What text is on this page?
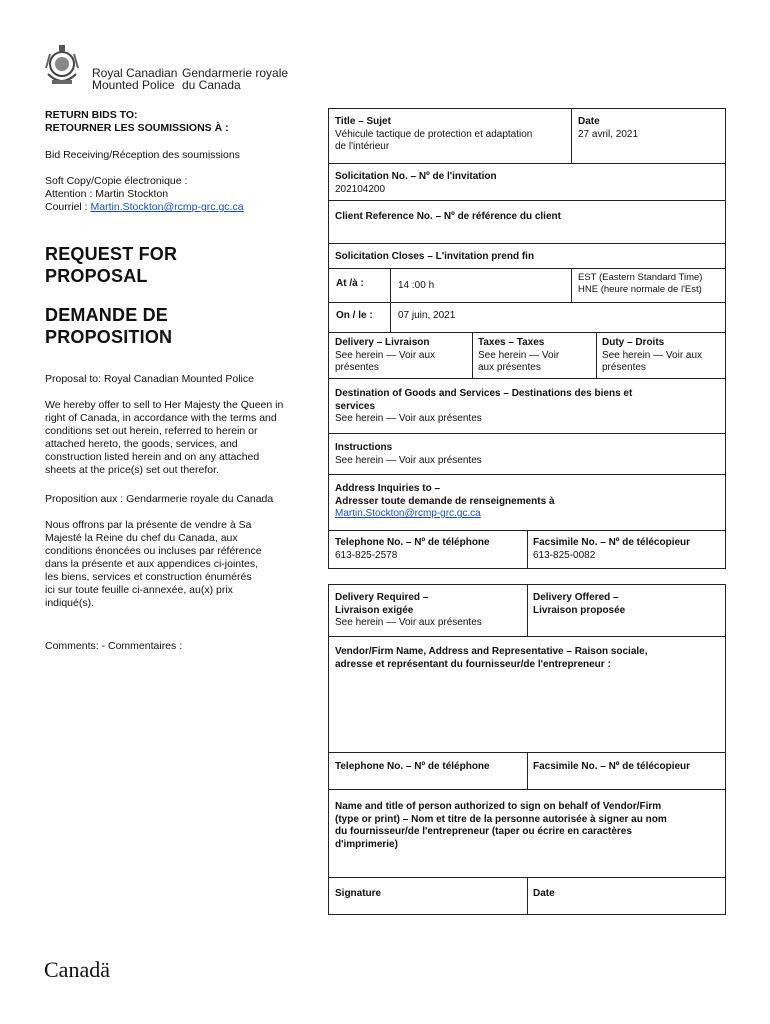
Royal Canadian
Mounted Police
Gendarmerie royale
du Canada
RETURN BIDS TO:
RETOURNER LES SOUMISSIONS À :
Bid Receiving/Réception des soumissions
Soft Copy/Copie électronique :
Attention : Martin Stockton
Courriel : Martin.Stockton@rcmp-grc.gc.ca
REQUEST FOR
PROPOSAL
DEMANDE DE
PROPOSITION
Proposal to: Royal Canadian Mounted Police
We hereby offer to sell to Her Majesty the Queen in
right of Canada, in accordance with the terms and
conditions set out herein, referred to herein or
attached hereto, the goods, services, and
construction listed herein and on any attached
sheets at the price(s) set out therefor.
Proposition aux : Gendarmerie royale du Canada
Nous offrons par la présente de vendre à Sa
Majesté la Reine du chef du Canada, aux
conditions énoncées ou incluses par référence
dans la présente et aux appendices ci-jointes,
les biens, services et construction énumérés
ici sur toute feuille ci-annexée, au(x) prix
indiqué(s).
Comments: - Commentaires :
Title – Sujet
Véhicule tactique de protection et adaptation
de l'intérieur
Date
27 avril, 2021
Solicitation No. – Nº de l'invitation
202104200
Client Reference No. – Nº de référence du client
Solicitation Closes – L'invitation prend fin
At /à :	14 :00 h
EST (Eastern Standard Time)
HNE (heure normale de l'Est)
On / le :	07 juin, 2021
Delivery – Livraison
See herein — Voir aux
présentes
Taxes – Taxes
See herein — Voir
aux présentes
Duty – Droits
See herein — Voir aux
présentes
Destination of Goods and Services – Destinations des biens et
services
See herein — Voir aux présentes
Instructions
See herein — Voir aux présentes
Address Inquiries to –
Adresser toute demande de renseignements à
Martin.Stockton@rcmp-grc.gc.ca
Telephone No. – Nº de téléphone
613-825-2578
Facsimile No. – Nº de télécopieur
613-825-0082
Delivery Required –
Livraison exigée
See herein — Voir aux présentes
Delivery Offered –
Livraison proposée
Vendor/Firm Name, Address and Representative – Raison sociale,
adresse et représentant du fournisseur/de l'entrepreneur :
Telephone No. – Nº de téléphone	Facsimile No. – Nº de télécopieur
Name and title of person authorized to sign on behalf of Vendor/Firm
(type or print) – Nom et titre de la personne autorisée à signer au nom
du fournisseur/de l'entrepreneur (taper ou écrire en caractères
d'imprimerie)
Signature	Date
Canadä
